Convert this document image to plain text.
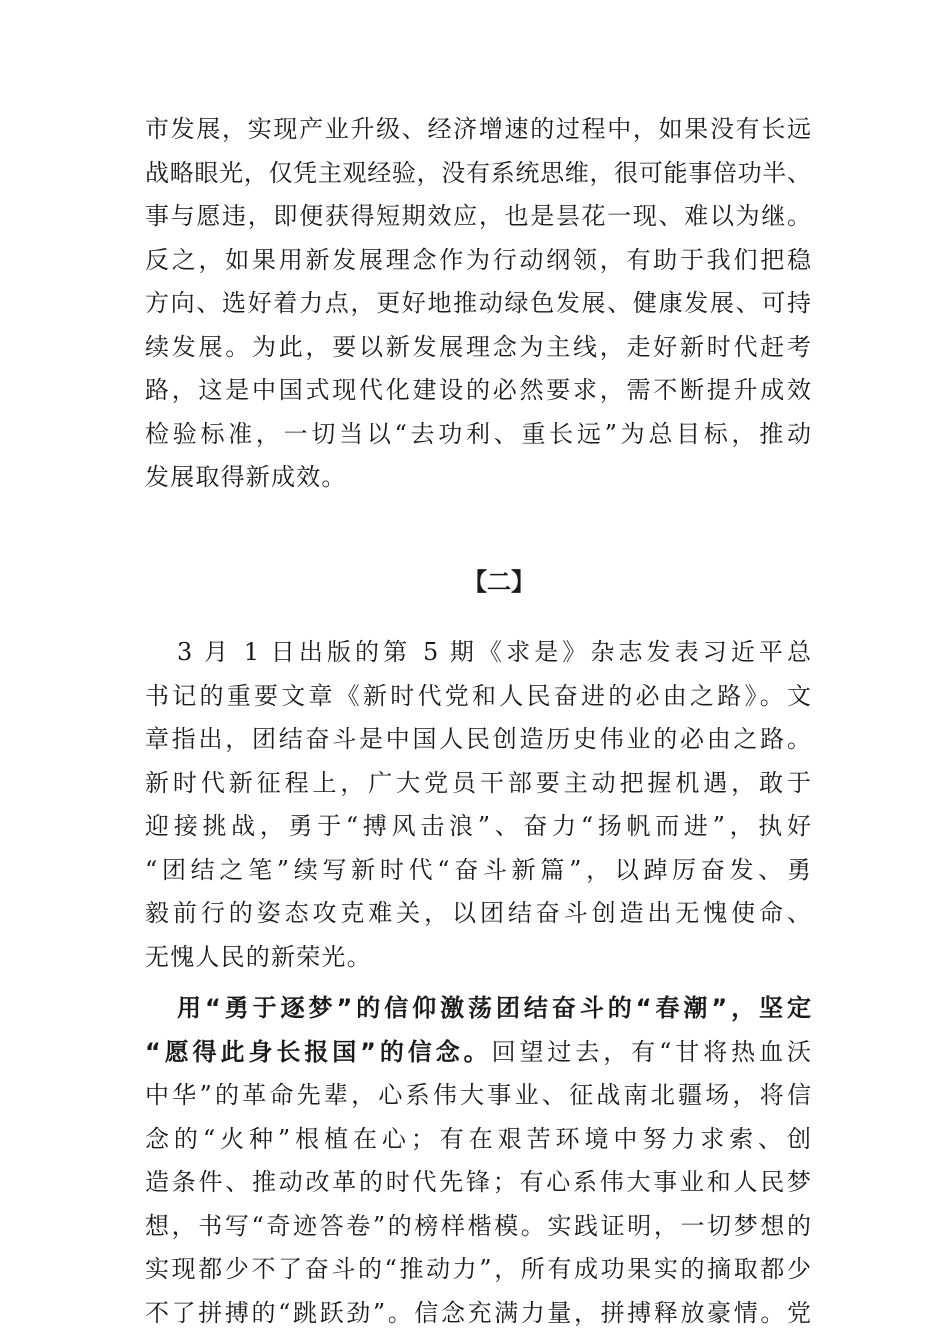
市发展，实现产业升级、经济增速的过程中，如果没有长远
战略眼光，仅凭主观经验，没有系统思维，很可能事倍功半、
事与愿违，即便获得短期效应，也是昙花一现、难以为继。
反之，如果用新发展理念作为行动纲领，有助于我们把稳
方向、选好着力点，更好地推动绿色发展、健康发展、可持
续发展。为此，要以新发展理念为主线，走好新时代赶考
路，这是中国式现代化建设的必然要求，需不断提升成效
检验标准，一切当以“去功利、重长远”为总目标，推动
发展取得新成效。
【二】
3 月 1 日出版的第 5 期《求是》杂志发表习近平总
书记的重要文章《新时代党和人民奋进的必由之路》。文
章指出，团结奋斗是中国人民创造历史伟业的必由之路。
新时代新征程上，广大党员干部要主动把握机遇，敢于
迎接挑战，勇于“搏风击浪”、奋力“扬帆而进”，执好
“团结之笔”续写新时代“奋斗新篇”，以踔厉奋发、勇
毅前行的姿态攻克难关，以团结奋斗创造出无愧使命、
无愧人民的新荣光。
用“勇于逐梦”的信仰激荡团结奋斗的“春潮”，坚定
“愿得此身长报国”的信念。回望过去，有“甘将热血沃
中华”的革命先辈，心系伟大事业、征战南北疆场，将信
念的“火种”根植在心；有在艰苦环境中努力求索、创
造条件、推动改革的时代先锋；有心系伟大事业和人民梦
想，书写“奇迹答卷”的榜样楷模。实践证明，一切梦想的
实现都少不了奋斗的“推动力”，所有成功果实的摘取都少
不了拼搏的“跳跃劲”。信念充满力量，拼搏释放豪情。党
